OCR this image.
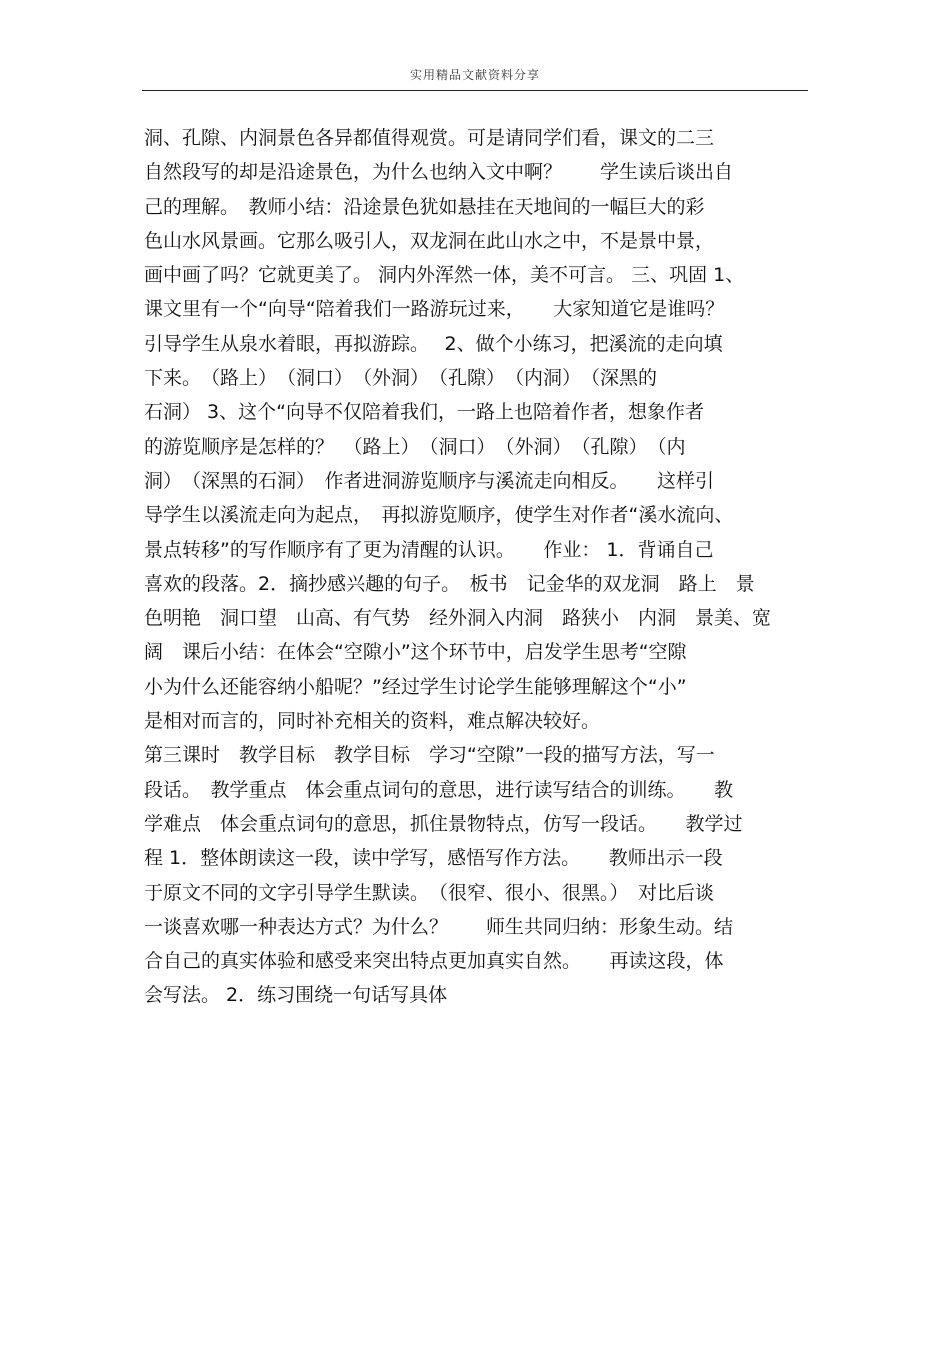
实用精品文献资料分享
洞、孔隙、内洞景色各异都值得观赏。可是请同学们看，课文的二三
自然段写的却是沿途景色，为什么也纳入文中啊？　　学生读后谈出自
己的理解。　教师小结：沿途景色犹如悬挂在天地间的一幅巨大的彩
色山水风景画。它那么吸引人，双龙洞在此山水之中，不是景中景，
画中画了吗？它就更美了。 洞内外浑然一体，美不可言。 三、巩固 1、
课文里有一个“向导“陪着我们一路游玩过来，　　大家知道它是谁吗？
引导学生从泉水着眼，再拟游踪。　 2、做个小练习，把溪流的走向填
下来。　（路上）　（洞口）　（外洞）　（孔隙）　（内洞）　（深黑的
石洞） 3、这个“向导不仅陪着我们，一路上也陪着作者，想象作者
的游览顺序是怎样的？　（路上）　（洞口）　（外洞）　（孔隙）　（内
洞）　（深黑的石洞）　作者进洞游览顺序与溪流走向相反。　　这样引
导学生以溪流走向为起点，　再拟游览顺序，使学生对作者“溪水流向、
景点转移”的写作顺序有了更为清醒的认识。　　作业： 1．背诵自己
喜欢的段落。2．摘抄感兴趣的句子。　板书　记金华的双龙洞　路上　景
色明艳　洞口望　山高、有气势　经外洞入内洞　路狭小　内洞　景美、宽
阔　课后小结：在体会“空隙小”这个环节中，启发学生思考“空隙
小为什么还能容纳小船呢？”经过学生讨论学生能够理解这个“小”
是相对而言的，同时补充相关的资料，难点解决较好。
第三课时　教学目标　教学目标　学习“空隙”一段的描写方法，写一
段话。　教学重点　体会重点词句的意思，进行读写结合的训练。　　教
学难点　体会重点词句的意思，抓住景物特点，仿写一段话。　　教学过
程 1．整体朗读这一段，读中学写，感悟写作方法。　　教师出示一段
于原文不同的文字引导学生默读。　（很窄、很小、很黑。）　对比后谈
一谈喜欢哪一种表达方式？为什么？　　师生共同归纳：形象生动。结
合自己的真实体验和感受来突出特点更加真实自然。　　再读这段，体
会写法。 2．练习围绕一句话写具体
